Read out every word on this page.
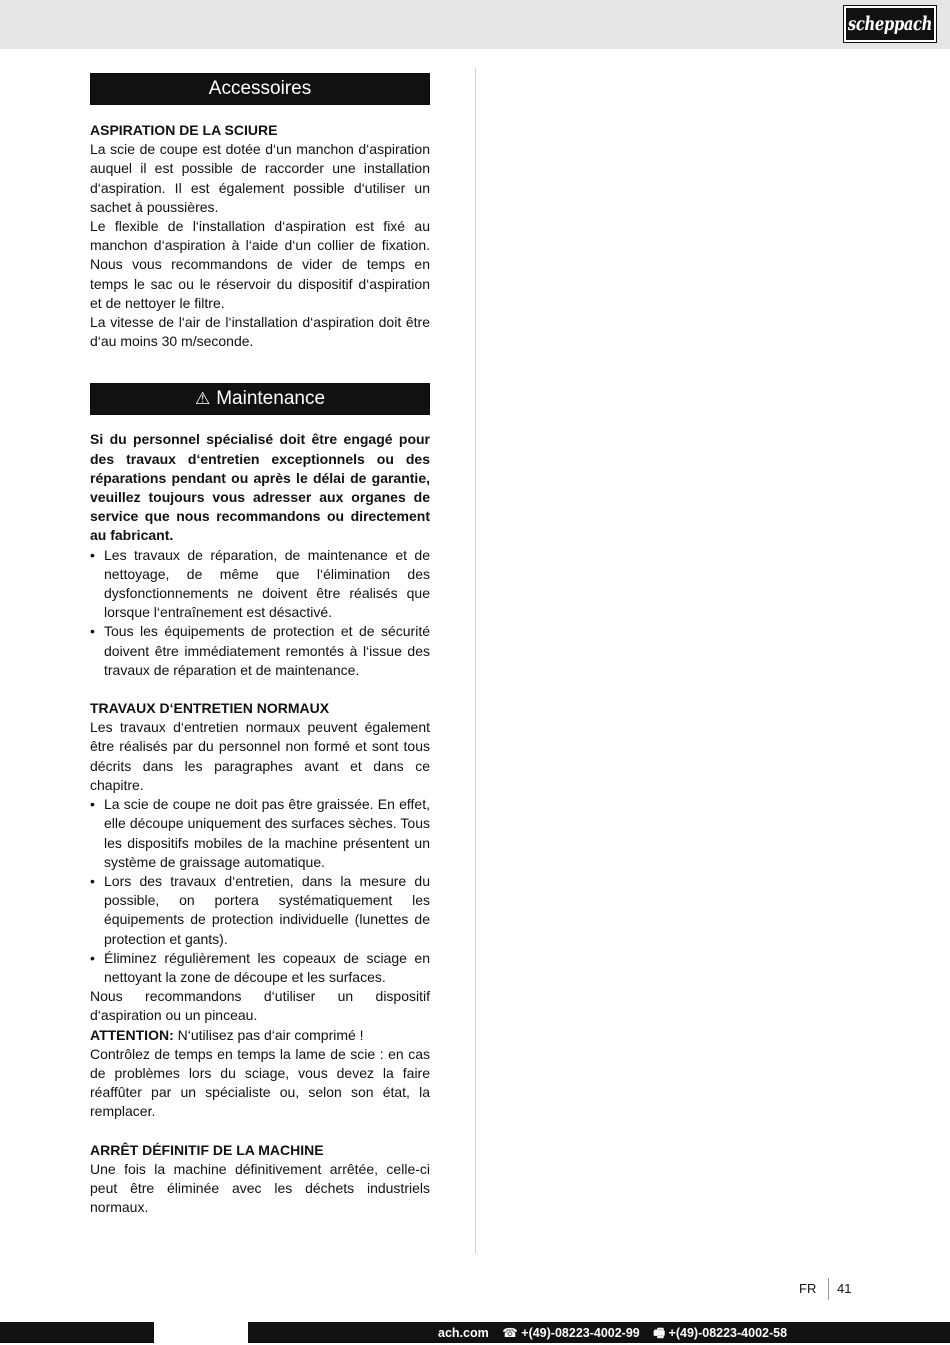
scheppach
Accessoires
ASPIRATION DE LA SCIURE

La scie de coupe est dotée d‘un manchon d‘aspiration auquel il est possible de raccorder une installation d‘aspiration. Il est également possible d‘utiliser un sachet à poussières.

Le flexible de l‘installation d‘aspiration est fixé au manchon d‘aspiration à l‘aide d‘un collier de fixation. Nous vous recommandons de vider de temps en temps le sac ou le réservoir du dispositif d‘aspiration et de nettoyer le filtre.

La vitesse de l‘air de l‘installation d‘aspiration doit être d‘au moins 30 m/seconde.

⚠ Maintenance

Si du personnel spécialisé doit être engagé pour des travaux d‘entretien exceptionnels ou des réparations pendant ou après le délai de garantie, veuillez toujours vous adresser aux organes de service que nous recommandons ou directement au fabricant.

• Les travaux de réparation, de maintenance et de nettoyage, de même que l‘élimination des dysfonctionnements ne doivent être réalisés que lorsque l‘entraînement est désactivé.
• Tous les équipements de protection et de sécurité doivent être immédiatement remontés à l‘issue des travaux de réparation et de maintenance.
TRAVAUX D‘ENTRETIEN NORMAUX

Les travaux d‘entretien normaux peuvent également être réalisés par du personnel non formé et sont tous décrits dans les paragraphes avant et dans ce chapitre.

• La scie de coupe ne doit pas être graissée. En effet, elle découpe uniquement des surfaces sèches. Tous les dispositifs mobiles de la machine présentent un système de graissage automatique.
• Lors des travaux d‘entretien, dans la mesure du possible, on portera systématiquement les équipements de protection individuelle (lunettes de protection et gants).
• Éliminez régulièrement les copeaux de sciage en nettoyant la zone de découpe et les surfaces.

Nous recommandons d‘utiliser un dispositif d‘aspiration ou un pinceau.

ATTENTION: N‘utilisez pas d‘air comprimé !

Contrôlez de temps en temps la lame de scie : en cas de problèmes lors du sciage, vous devez la faire réaffûter par un spécialiste ou, selon son état, la remplacer.

ARRÊT DÉFINITIF DE LA MACHINE

Une fois la machine définitivement arrêtée, celle-ci peut être éliminée avec les déchets industriels normaux.

FR 41
ach.com ☎ +(49)-08223-4002-99 🖷 +(49)-08223-4002-58
